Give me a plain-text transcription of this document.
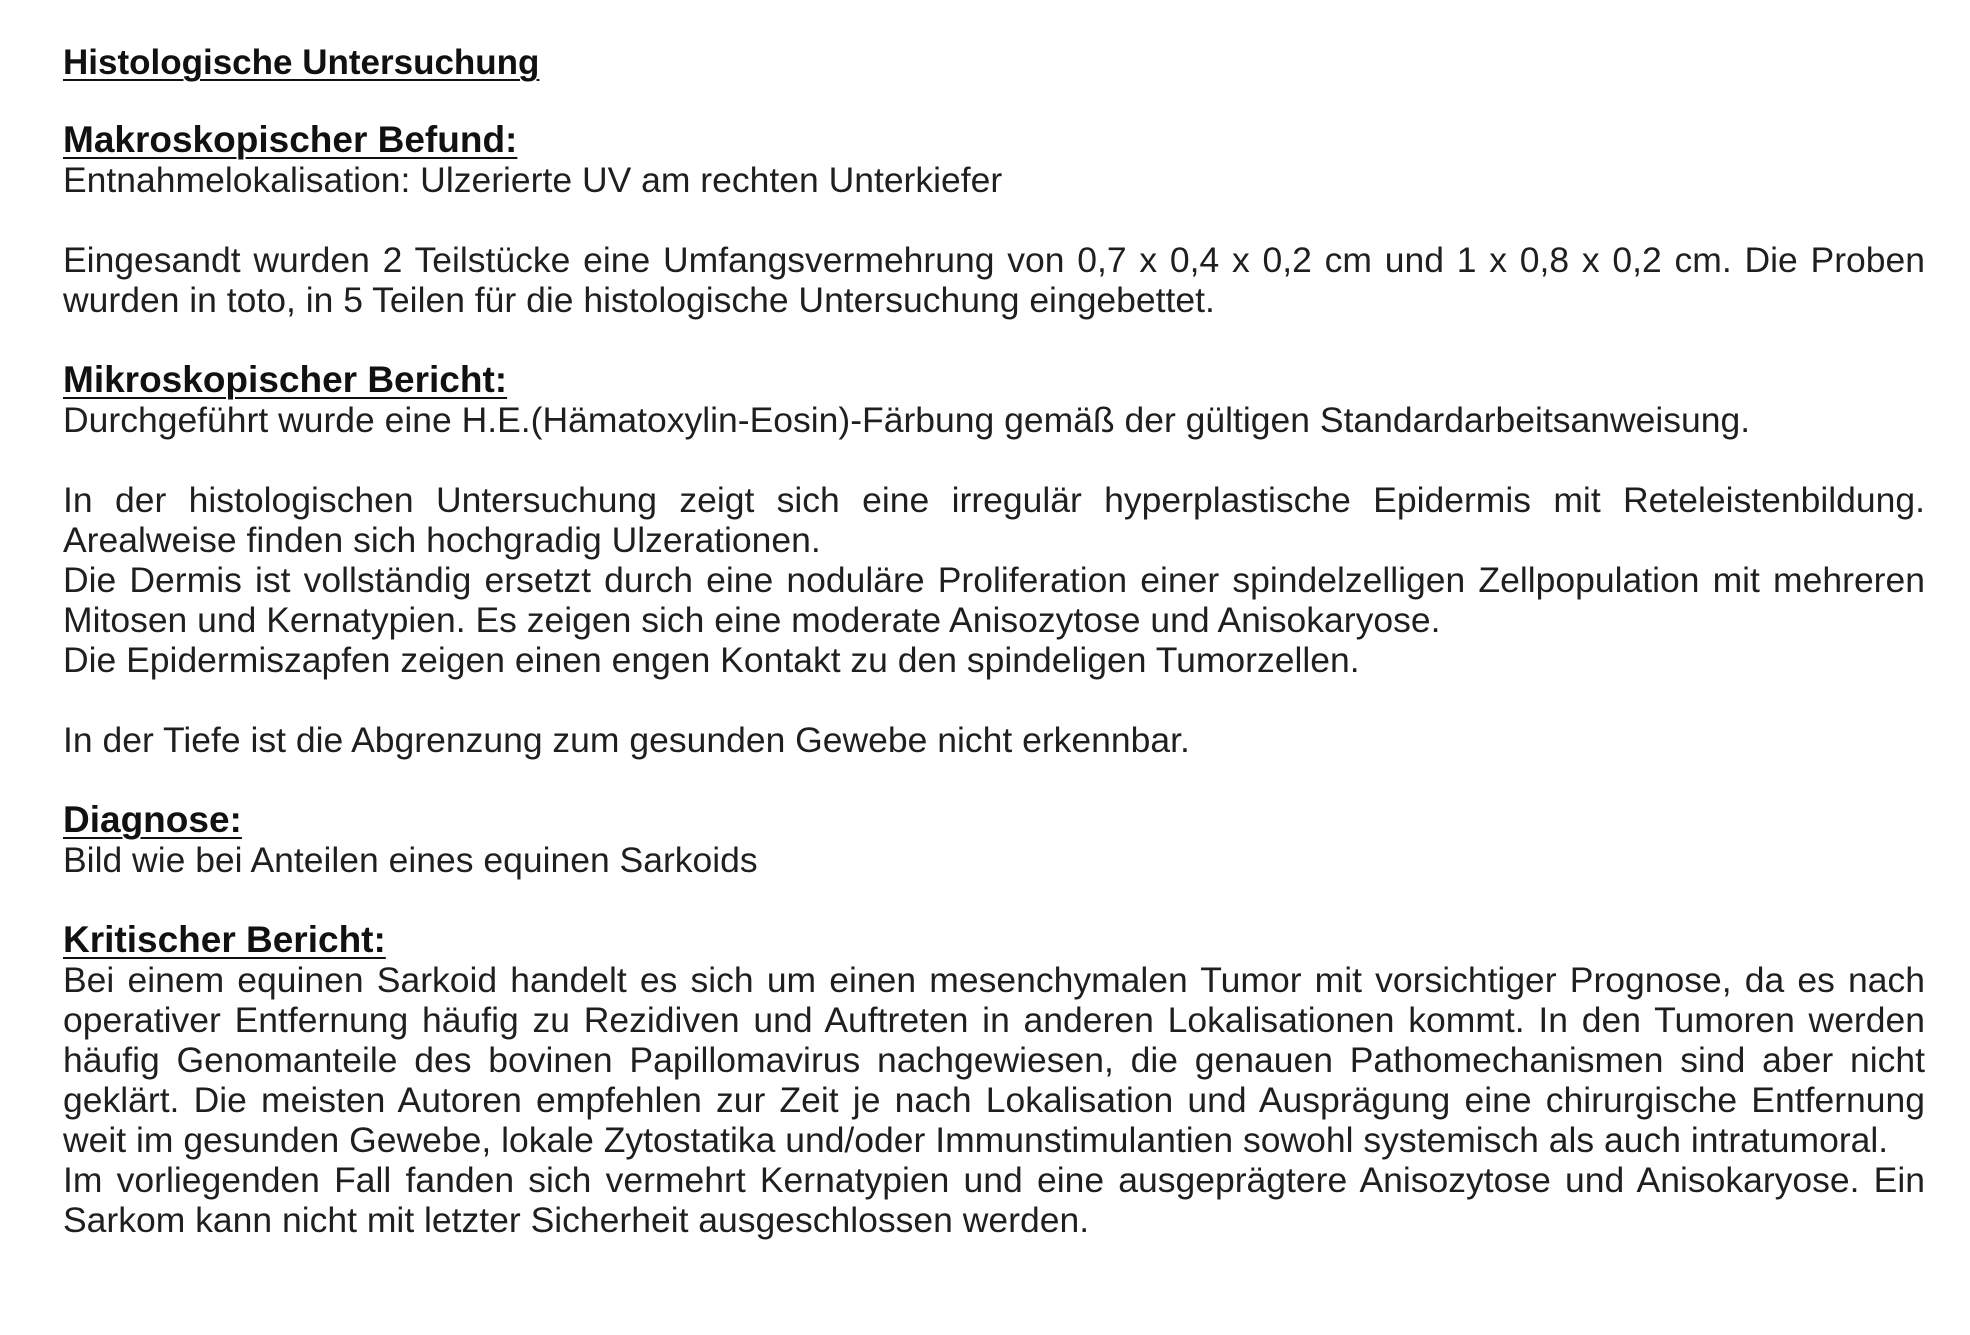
Histologische Untersuchung
Makroskopischer Befund:

Entnahmelokalisation: Ulzerierte UV am rechten Unterkiefer

Eingesandt wurden 2 Teilstücke eine Umfangsvermehrung von 0,7 x 0,4 x 0,2 cm und 1 x 0,8 x 0,2 cm. Die Proben wurden in toto, in 5 Teilen für die histologische Untersuchung eingebettet.

Mikroskopischer Bericht:

Durchgeführt wurde eine H.E.(Hämatoxylin-Eosin)-Färbung gemäß der gültigen Standardarbeitsanweisung.

In der histologischen Untersuchung zeigt sich eine irregulär hyperplastische Epidermis mit Reteleistenbildung. Arealweise finden sich hochgradig Ulzerationen.

Die Dermis ist vollständig ersetzt durch eine noduläre Proliferation einer spindelzelligen Zellpopulation mit mehreren Mitosen und Kernatypien. Es zeigen sich eine moderate Anisozytose und Anisokaryose.

Die Epidermiszapfen zeigen einen engen Kontakt zu den spindeligen Tumorzellen.

In der Tiefe ist die Abgrenzung zum gesunden Gewebe nicht erkennbar.

Diagnose:

Bild wie bei Anteilen eines equinen Sarkoids

Kritischer Bericht:

Bei einem equinen Sarkoid handelt es sich um einen mesenchymalen Tumor mit vorsichtiger Prognose, da es nach operativer Entfernung häufig zu Rezidiven und Auftreten in anderen Lokalisationen kommt. In den Tumoren werden häufig Genomanteile des bovinen Papillomavirus nachgewiesen, die genauen Pathomechanismen sind aber nicht geklärt. Die meisten Autoren empfehlen zur Zeit je nach Lokalisation und Ausprägung eine chirurgische Entfernung weit im gesunden Gewebe, lokale Zytostatika und/oder Immunstimulantien sowohl systemisch als auch intratumoral.

Im vorliegenden Fall fanden sich vermehrt Kernatypien und eine ausgeprägtere Anisozytose und Anisokaryose. Ein Sarkom kann nicht mit letzter Sicherheit ausgeschlossen werden.
